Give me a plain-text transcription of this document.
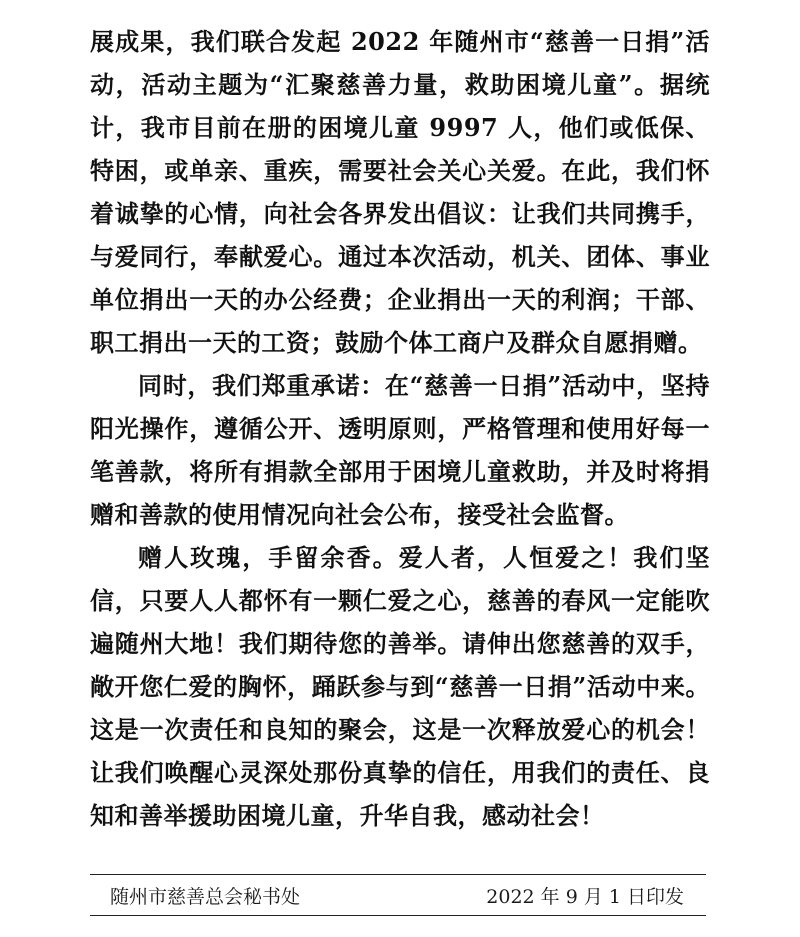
展成果，我们联合发起 2022 年随州市“慈善一日捐”活动，活动主题为“汇聚慈善力量，救助困境儿童”。据统计，我市目前在册的困境儿童 9997 人，他们或低保、特困，或单亲、重疾，需要社会关心关爱。在此，我们怀着诚挚的心情，向社会各界发出倡议：让我们共同携手，与爱同行，奉献爱心。通过本次活动，机关、团体、事业单位捐出一天的办公经费；企业捐出一天的利润；干部、职工捐出一天的工资；鼓励个体工商户及群众自愿捐赠。

同时，我们郑重承诺：在“慈善一日捐”活动中，坚持阳光操作，遵循公开、透明原则，严格管理和使用好每一笔善款，将所有捐款全部用于困境儿童救助，并及时将捐赠和善款的使用情况向社会公布，接受社会监督。

赠人玫瑰，手留余香。爱人者，人恒爱之！我们坚信，只要人人都怀有一颗仁爱之心，慈善的春风一定能吹遍随州大地！我们期待您的善举。请伸出您慈善的双手，敞开您仁爱的胸怀，踊跃参与到“慈善一日捐”活动中来。这是一次责任和良知的聚会，这是一次释放爱心的机会！让我们唤醒心灵深处那份真挚的信任，用我们的责任、良知和善举援助困境儿童，升华自我，感动社会！

随州市慈善总会秘书处	2022 年 9 月 1 日印发
